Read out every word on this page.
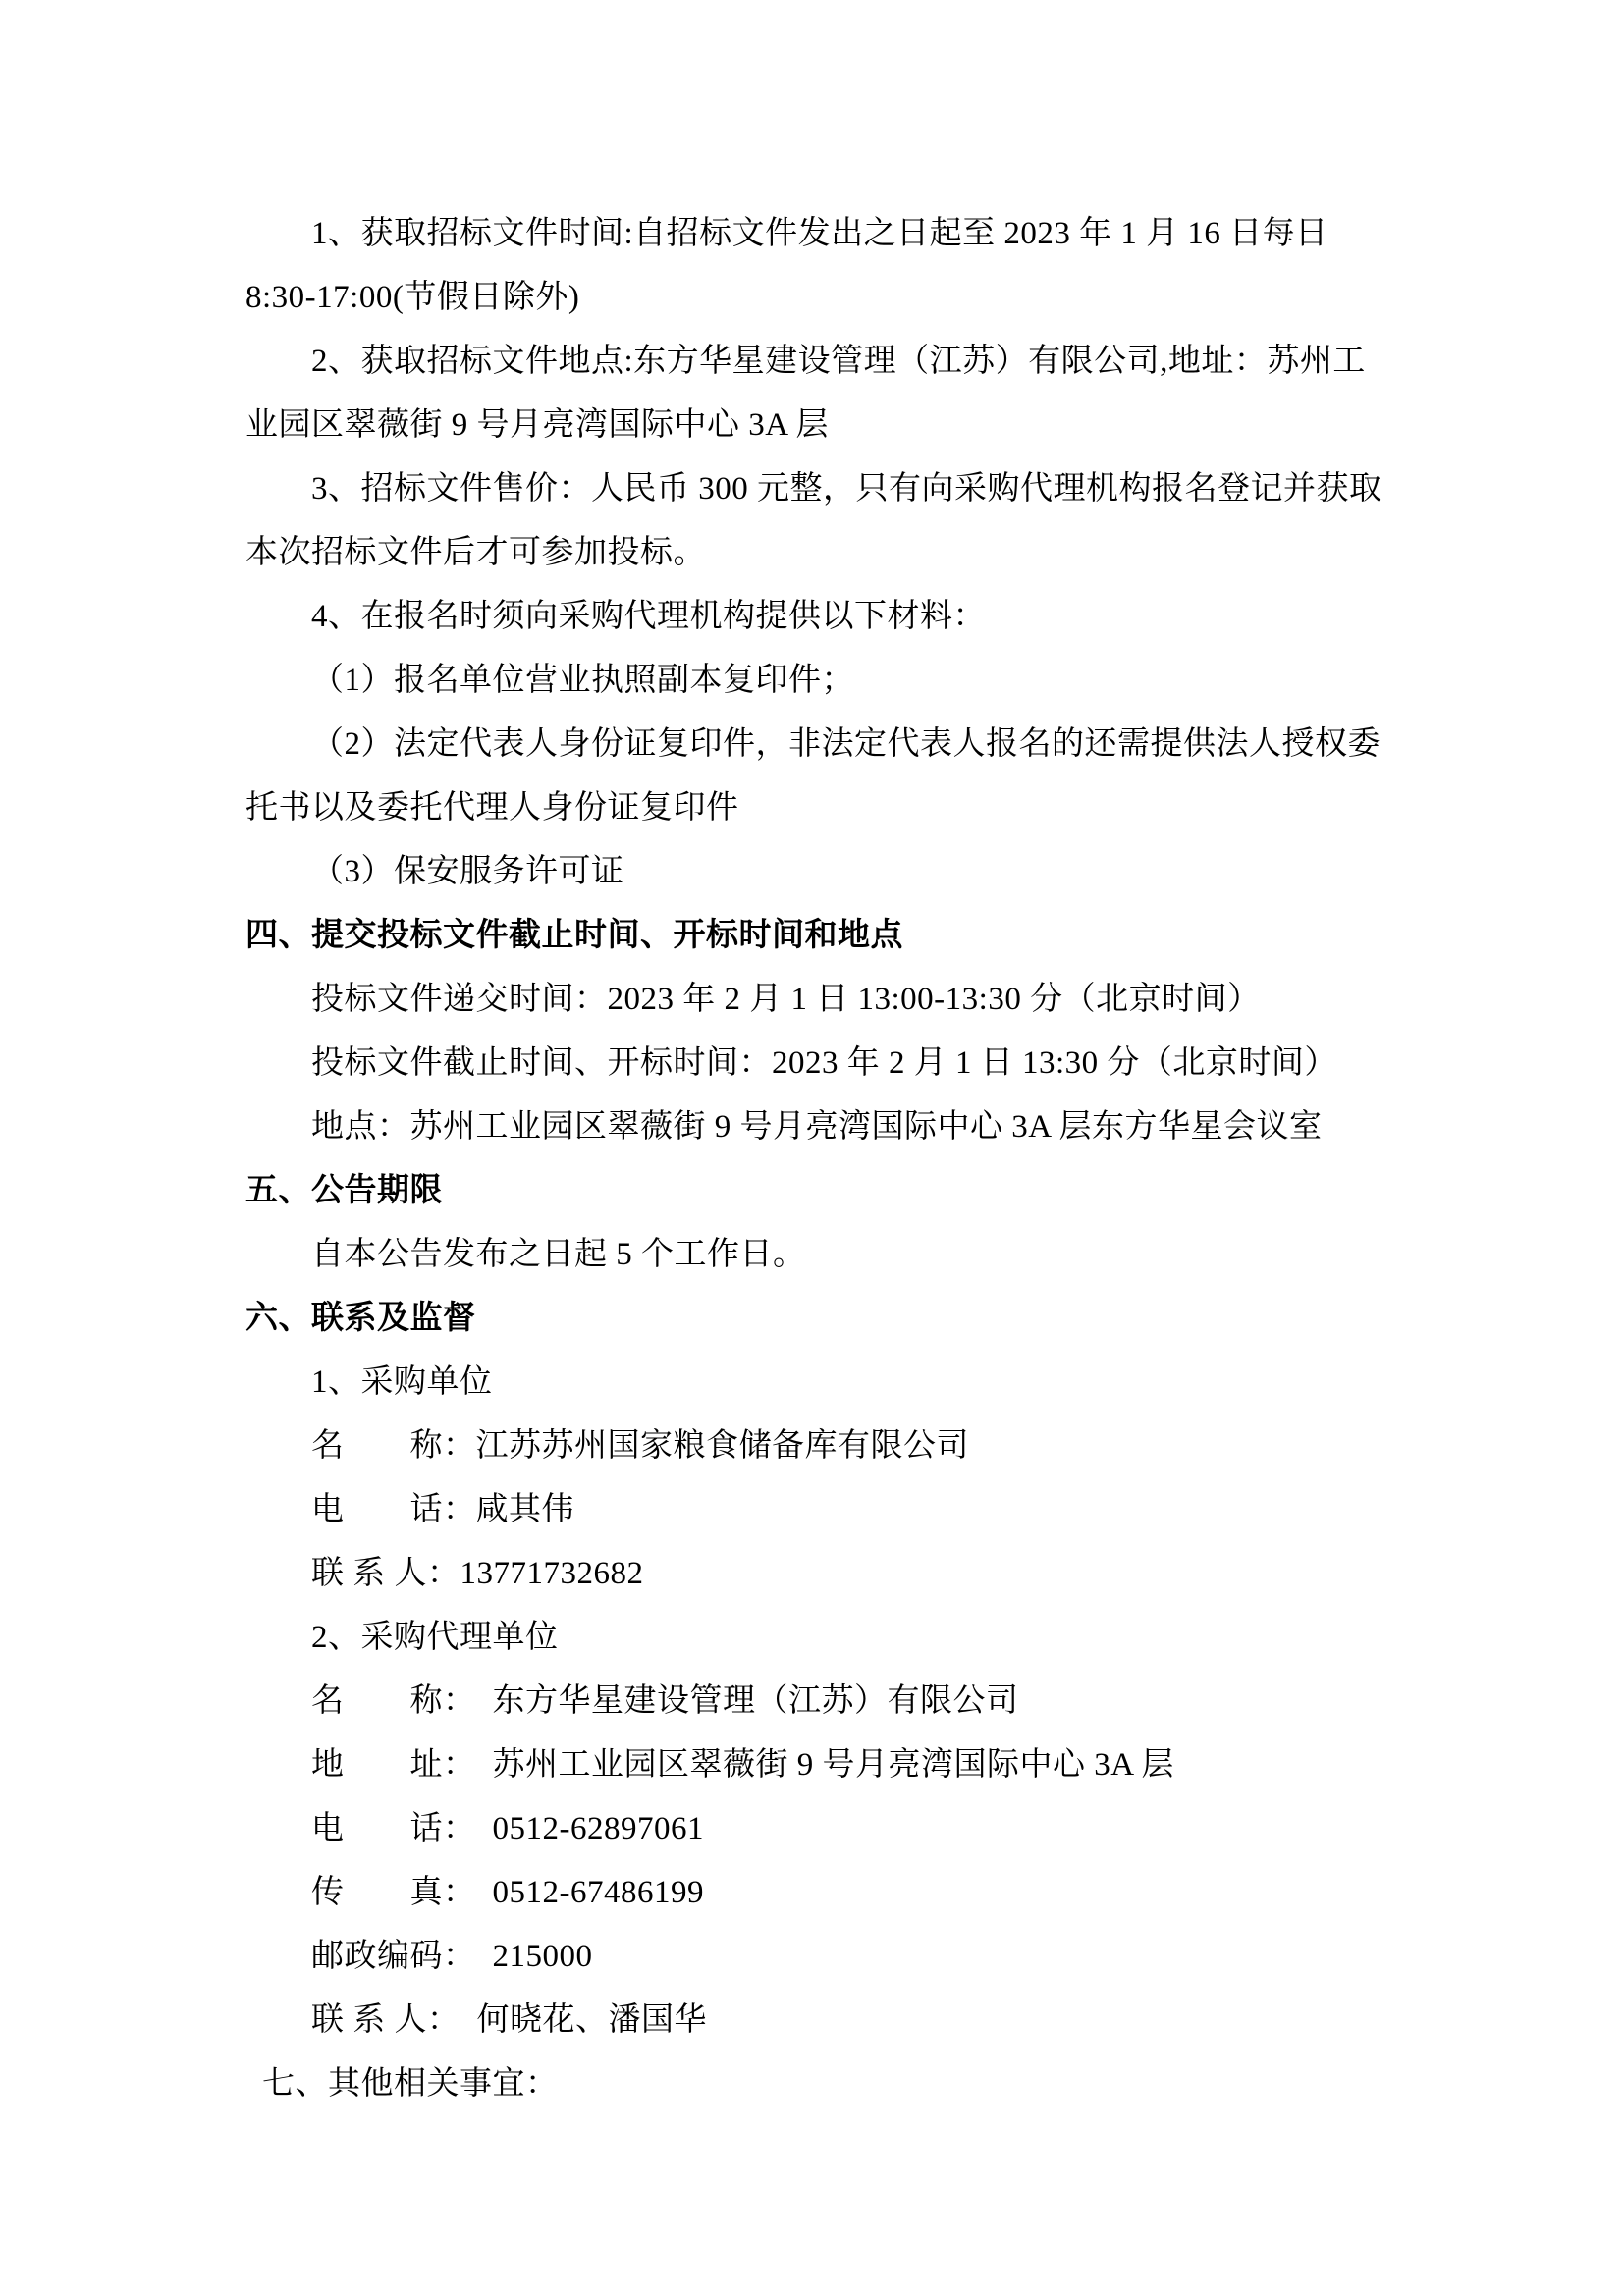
1、获取招标文件时间:自招标文件发出之日起至 2023 年 1 月 16 日每日
8:30-17:00(节假日除外)
2、获取招标文件地点:东方华星建设管理（江苏）有限公司,地址：苏州工
业园区翠薇街 9 号月亮湾国际中心 3A 层
3、招标文件售价：人民币 300 元整，只有向采购代理机构报名登记并获取
本次招标文件后才可参加投标。
4、在报名时须向采购代理机构提供以下材料：
（1）报名单位营业执照副本复印件；
（2）法定代表人身份证复印件，非法定代表人报名的还需提供法人授权委
托书以及委托代理人身份证复印件
（3）保安服务许可证
四、提交投标文件截止时间、开标时间和地点
投标文件递交时间：2023 年 2 月 1 日 13:00-13:30 分（北京时间）
投标文件截止时间、开标时间：2023 年 2 月 1 日 13:30 分（北京时间）
地点：苏州工业园区翠薇街 9 号月亮湾国际中心 3A 层东方华星会议室
五、公告期限
自本公告发布之日起 5 个工作日。
六、联系及监督
1、采购单位
名　　称：江苏苏州国家粮食储备库有限公司
电　　话：咸其伟
联 系 人：13771732682
2、采购代理单位
名　　称：　东方华星建设管理（江苏）有限公司
地　　址：　苏州工业园区翠薇街 9 号月亮湾国际中心 3A 层
电　　话：　0512-62897061
传　　真：　0512-67486199
邮政编码：　215000
联 系 人：　何晓花、潘国华
七、其他相关事宜：
